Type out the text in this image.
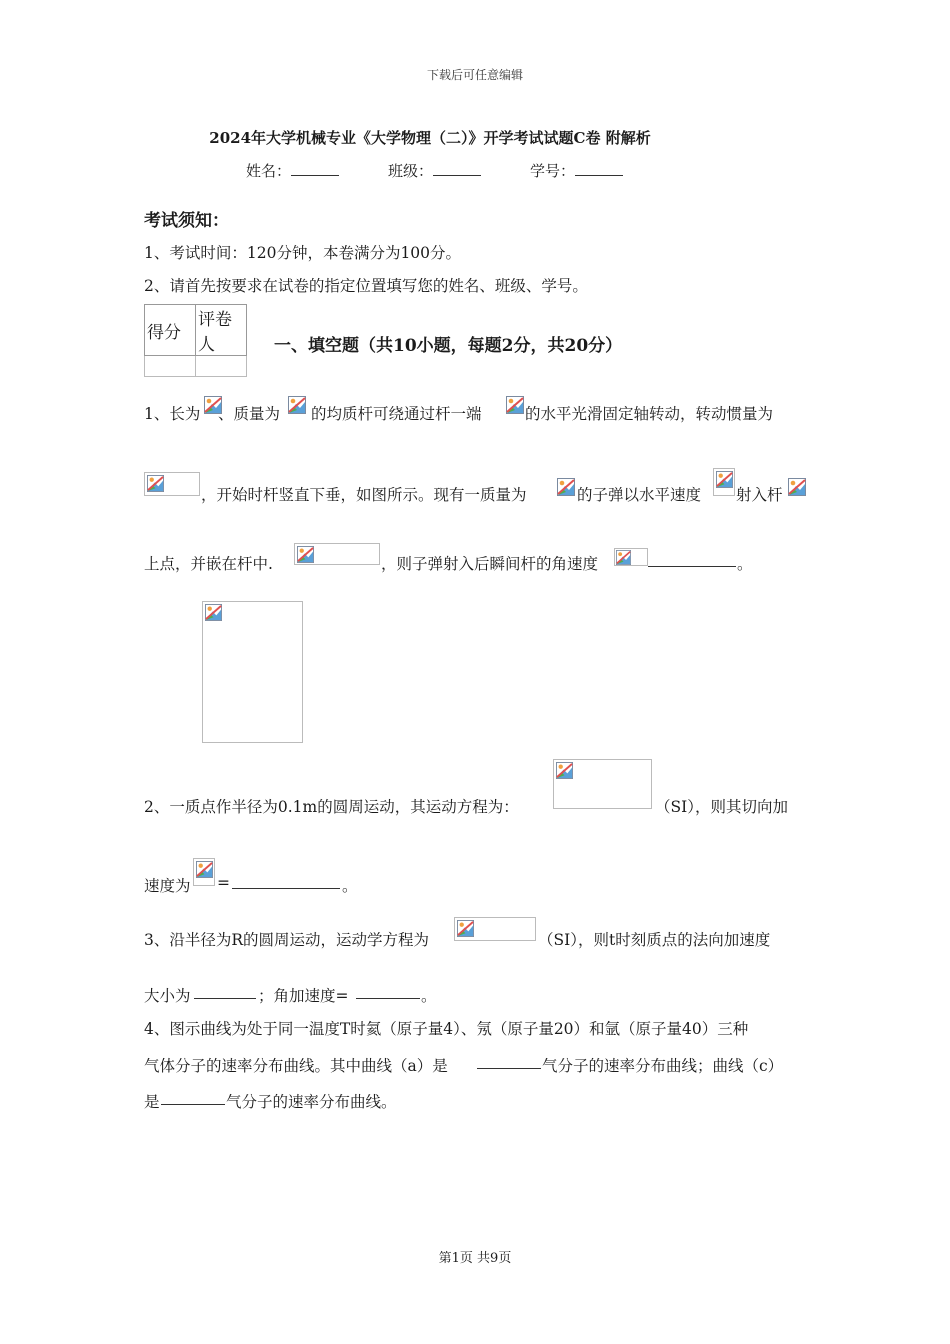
下载后可任意编辑
2024年大学机械专业《大学物理（二）》开学考试试题C卷 附解析
姓名：	班级：	学号：
考试须知：
1、考试时间：120分钟，本卷满分为100分。
2、请首先按要求在试卷的指定位置填写您的姓名、班级、学号。
得分	评卷人
		一、填空题（共10小题，每题2分，共20分）
1、长为 、质量为 的均质杆可绕通过杆一端	的水平光滑固定轴转动，转动惯量为
，开始时杆竖直下垂，如图所示。现有一质量为	的子弹以水平速度 射入杆
上点，并嵌在杆中.	，则子弹射入后瞬间杆的角速度	。
2、一质点作半径为0.1m的圆周运动，其运动方程为：	（SI），则其切向加
速度为 =	。
3、沿半径为R的圆周运动，运动学方程为	（SI），则t时刻质点的法向加速度
大小为	；角加速度=	。
4、图示曲线为处于同一温度T时氦（原子量4）、氖（原子量20）和氩（原子量40）三种
气体分子的速率分布曲线。其中曲线（a）是	气分子的速率分布曲线；曲线（c）
是	气分子的速率分布曲线。
第1页 共9页
